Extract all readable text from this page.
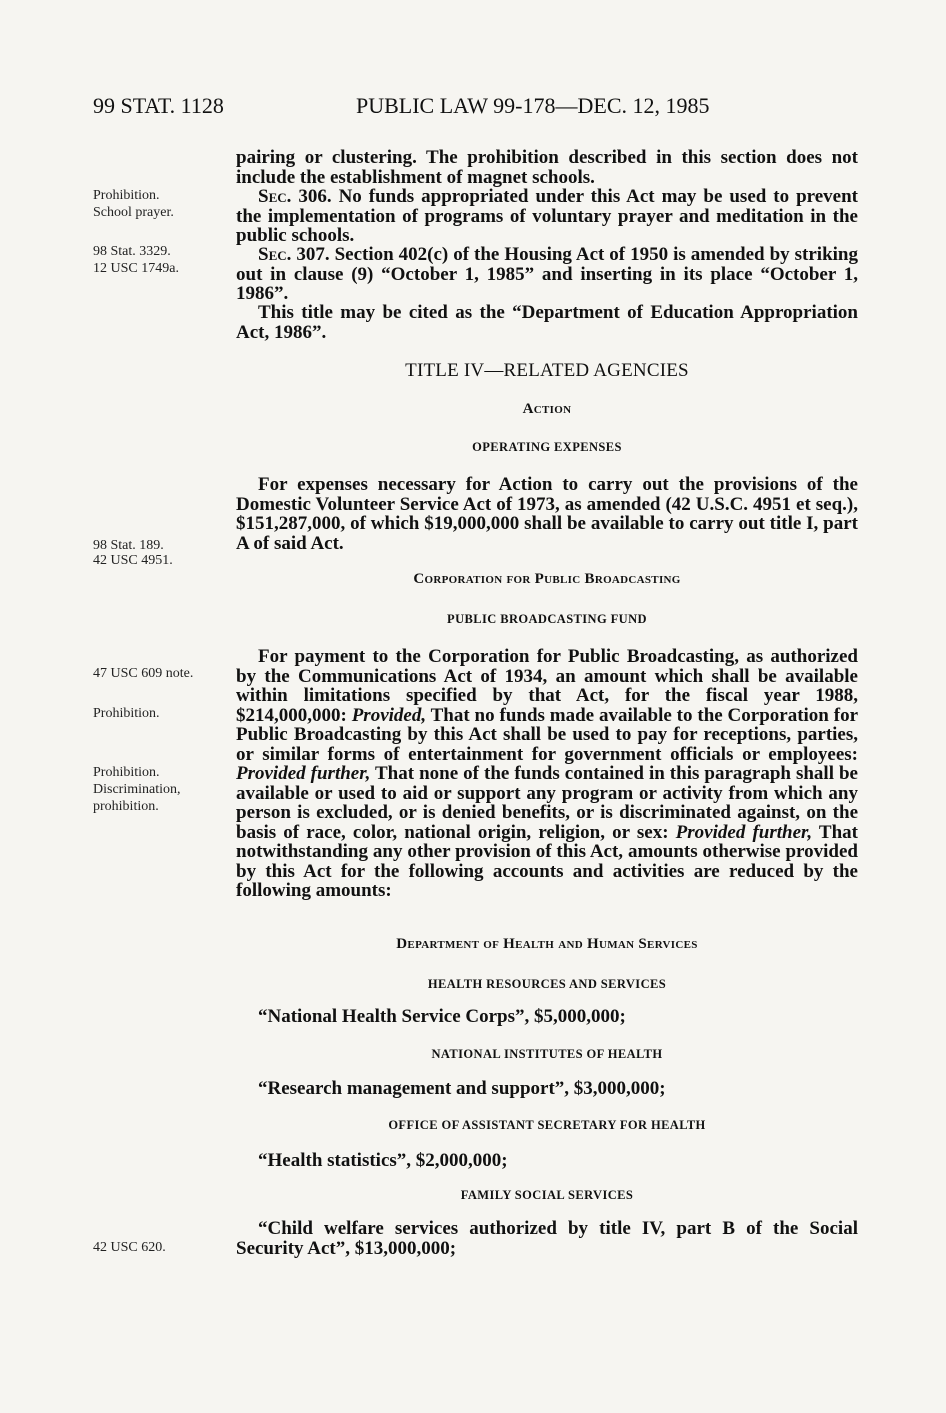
99 STAT. 1128	PUBLIC LAW 99-178—DEC. 12, 1985
Prohibition.
School prayer.
98 Stat. 3329.
12 USC 1749a.
98 Stat. 189.
42 USC 4951.
47 USC 609 note.
Prohibition.
Prohibition.
Discrimination,
prohibition.
42 USC 620.
pairing or clustering. The prohibition described in this section does not include the establishment of magnet schools.
Sec. 306. No funds appropriated under this Act may be used to prevent the implementation of programs of voluntary prayer and meditation in the public schools.
Sec. 307. Section 402(c) of the Housing Act of 1950 is amended by striking out in clause (9) “October 1, 1985” and inserting in its place “October 1, 1986”.
This title may be cited as the “Department of Education Appropriation Act, 1986”.
TITLE IV—RELATED AGENCIES
Action
OPERATING EXPENSES
For expenses necessary for Action to carry out the provisions of the Domestic Volunteer Service Act of 1973, as amended (42 U.S.C. 4951 et seq.), $151,287,000, of which $19,000,000 shall be available to carry out title I, part A of said Act.
Corporation for Public Broadcasting
PUBLIC BROADCASTING FUND
For payment to the Corporation for Public Broadcasting, as authorized by the Communications Act of 1934, an amount which shall be available within limitations specified by that Act, for the fiscal year 1988, $214,000,000: Provided, That no funds made available to the Corporation for Public Broadcasting by this Act shall be used to pay for receptions, parties, or similar forms of entertainment for government officials or employees: Provided further, That none of the funds contained in this paragraph shall be available or used to aid or support any program or activity from which any person is excluded, or is denied benefits, or is discriminated against, on the basis of race, color, national origin, religion, or sex: Provided further, That notwithstanding any other provision of this Act, amounts otherwise provided by this Act for the following accounts and activities are reduced by the following amounts:
Department of Health and Human Services
HEALTH RESOURCES AND SERVICES
“National Health Service Corps”, $5,000,000;
NATIONAL INSTITUTES OF HEALTH
“Research management and support”, $3,000,000;
OFFICE OF ASSISTANT SECRETARY FOR HEALTH
“Health statistics”, $2,000,000;
FAMILY SOCIAL SERVICES
“Child welfare services authorized by title IV, part B of the Social Security Act”, $13,000,000;
